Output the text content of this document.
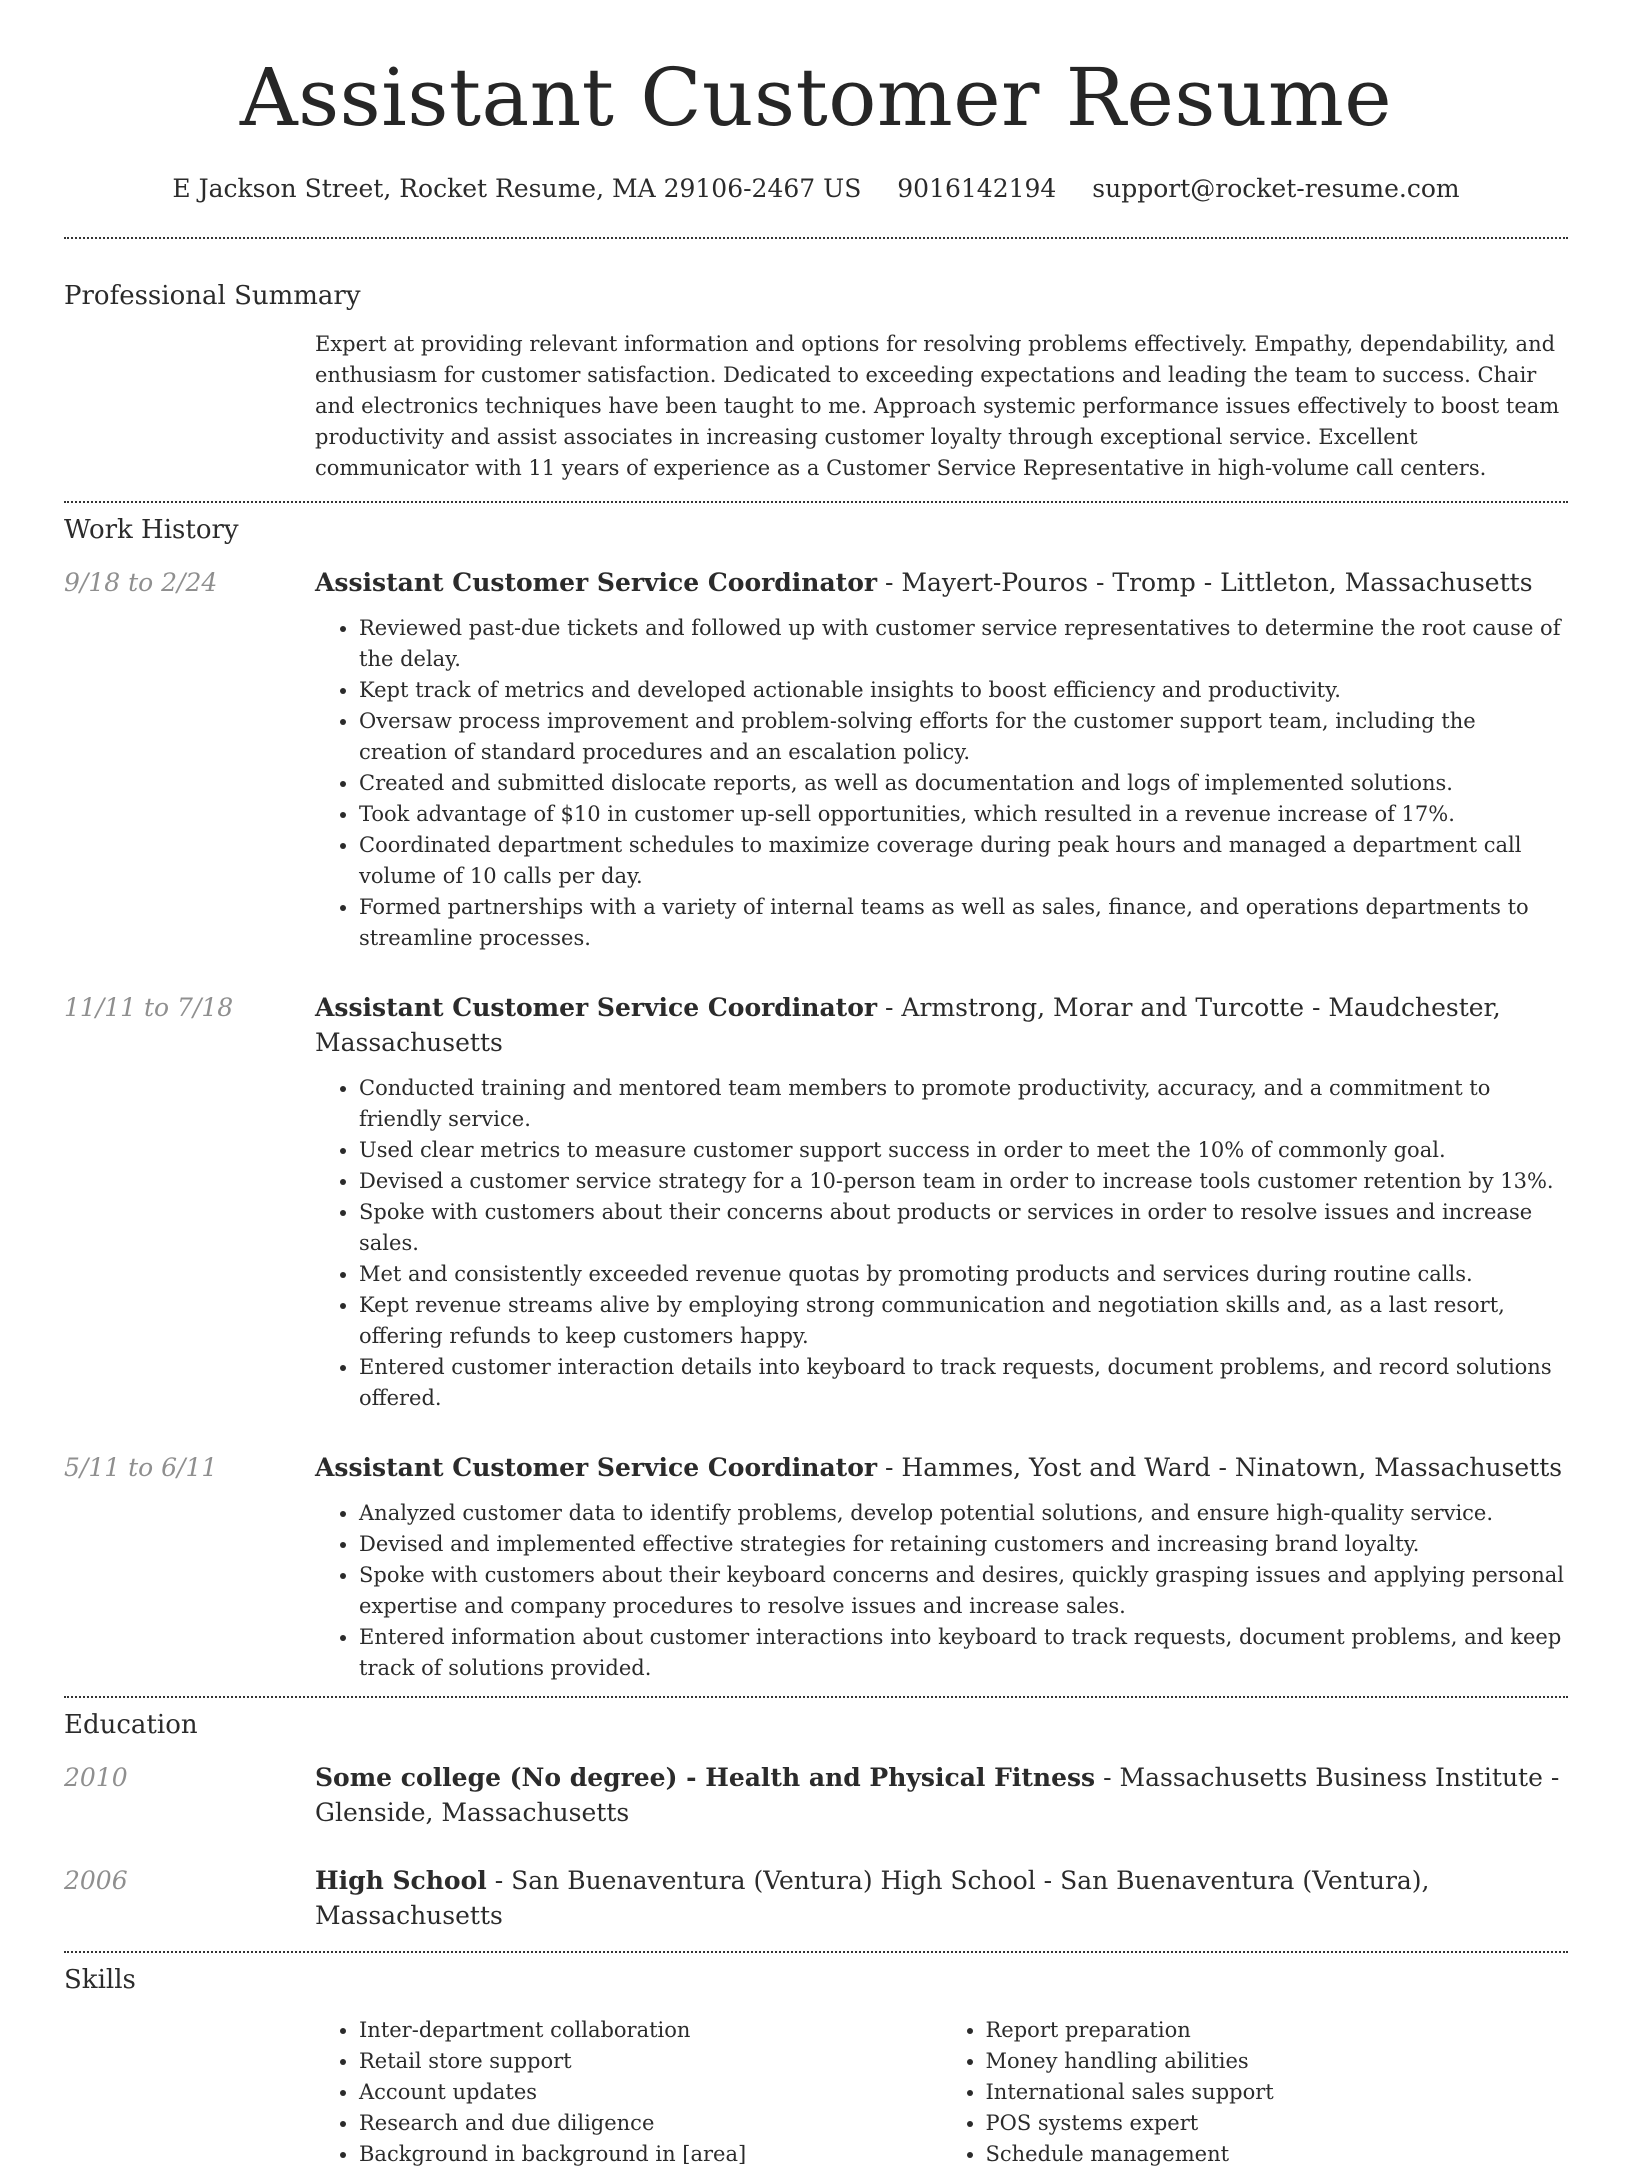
Assistant Customer Resume
E Jackson Street, Rocket Resume, MA 29106-2467 US 9016142194 support@rocket-resume.com
Professional Summary
Expert at providing relevant information and options for resolving problems effectively. Empathy, dependability, and enthusiasm for customer satisfaction. Dedicated to exceeding expectations and leading the team to success. Chair and electronics techniques have been taught to me. Approach systemic performance issues effectively to boost team productivity and assist associates in increasing customer loyalty through exceptional service. Excellent communicator with 11 years of experience as a Customer Service Representative in high-volume call centers.
Work History
9/18 to 2/24	Assistant Customer Service Coordinator - Mayert-Pouros - Tromp - Littleton, Massachusetts
• Reviewed past-due tickets and followed up with customer service representatives to determine the root cause of the delay.
• Kept track of metrics and developed actionable insights to boost efficiency and productivity.
• Oversaw process improvement and problem-solving efforts for the customer support team, including the creation of standard procedures and an escalation policy.
• Created and submitted dislocate reports, as well as documentation and logs of implemented solutions.
• Took advantage of $10 in customer up-sell opportunities, which resulted in a revenue increase of 17%.
• Coordinated department schedules to maximize coverage during peak hours and managed a department call volume of 10 calls per day.
• Formed partnerships with a variety of internal teams as well as sales, finance, and operations departments to streamline processes.
11/11 to 7/18	Assistant Customer Service Coordinator - Armstrong, Morar and Turcotte - Maudchester, Massachusetts
• Conducted training and mentored team members to promote productivity, accuracy, and a commitment to friendly service.
• Used clear metrics to measure customer support success in order to meet the 10% of commonly goal.
• Devised a customer service strategy for a 10-person team in order to increase tools customer retention by 13%.
• Spoke with customers about their concerns about products or services in order to resolve issues and increase sales.
• Met and consistently exceeded revenue quotas by promoting products and services during routine calls.
• Kept revenue streams alive by employing strong communication and negotiation skills and, as a last resort, offering refunds to keep customers happy.
• Entered customer interaction details into keyboard to track requests, document problems, and record solutions offered.
5/11 to 6/11	Assistant Customer Service Coordinator - Hammes, Yost and Ward - Ninatown, Massachusetts
• Analyzed customer data to identify problems, develop potential solutions, and ensure high-quality service.
• Devised and implemented effective strategies for retaining customers and increasing brand loyalty.
• Spoke with customers about their keyboard concerns and desires, quickly grasping issues and applying personal expertise and company procedures to resolve issues and increase sales.
• Entered information about customer interactions into keyboard to track requests, document problems, and keep track of solutions provided.
Education
2010	Some college (No degree) - Health and Physical Fitness - Massachusetts Business Institute - Glenside, Massachusetts
2006	High School - San Buenaventura (Ventura) High School - San Buenaventura (Ventura), Massachusetts
Skills
• Inter-department collaboration
• Retail store support
• Account updates
• Research and due diligence
• Background in background in [area]
• Report preparation
• Money handling abilities
• International sales support
• POS systems expert
• Schedule management
